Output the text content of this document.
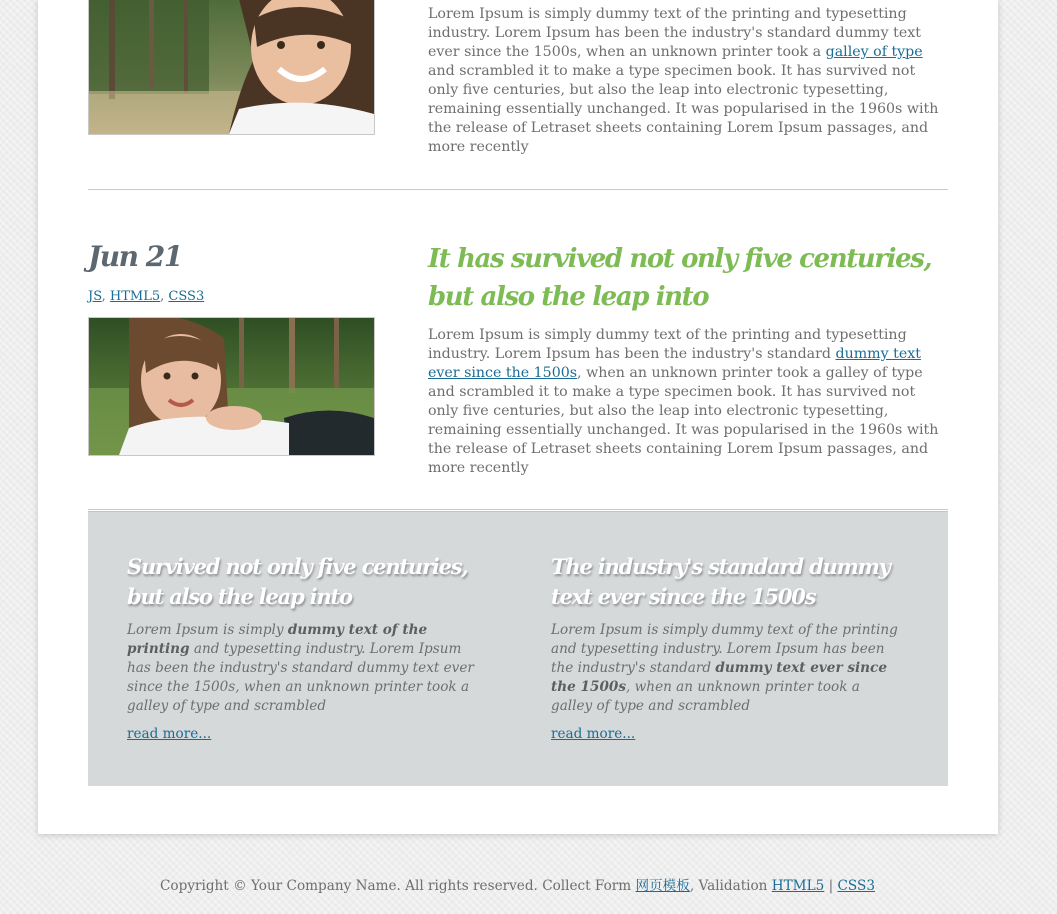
Lorem Ipsum is simply dummy text of the printing and typesetting industry. Lorem Ipsum has been the industry's standard dummy text ever since the 1500s, when an unknown printer took a galley of type and scrambled it to make a type specimen book. It has survived not only five centuries, but also the leap into electronic typesetting, remaining essentially unchanged. It was popularised in the 1960s with the release of Letraset sheets containing Lorem Ipsum passages, and more recently

Jun 21
JS, HTML5, CSS3
It has survived not only five centuries, but also the leap into

Lorem Ipsum is simply dummy text of the printing and typesetting industry. Lorem Ipsum has been the industry's standard dummy text ever since the 1500s, when an unknown printer took a galley of type and scrambled it to make a type specimen book. It has survived not only five centuries, but also the leap into electronic typesetting, remaining essentially unchanged. It was popularised in the 1960s with the release of Letraset sheets containing Lorem Ipsum passages, and more recently

Survived not only five centuries, but also the leap into

Lorem Ipsum is simply dummy text of the printing and typesetting industry. Lorem Ipsum has been the industry's standard dummy text ever since the 1500s, when an unknown printer took a galley of type and scrambled

read more...
The industry's standard dummy text ever since the 1500s

Lorem Ipsum is simply dummy text of the printing and typesetting industry. Lorem Ipsum has been the industry's standard dummy text ever since the 1500s, when an unknown printer took a galley of type and scrambled

read more...
Copyright © Your Company Name. All rights reserved. Collect Form 网页模板, Validation HTML5 | CSS3
